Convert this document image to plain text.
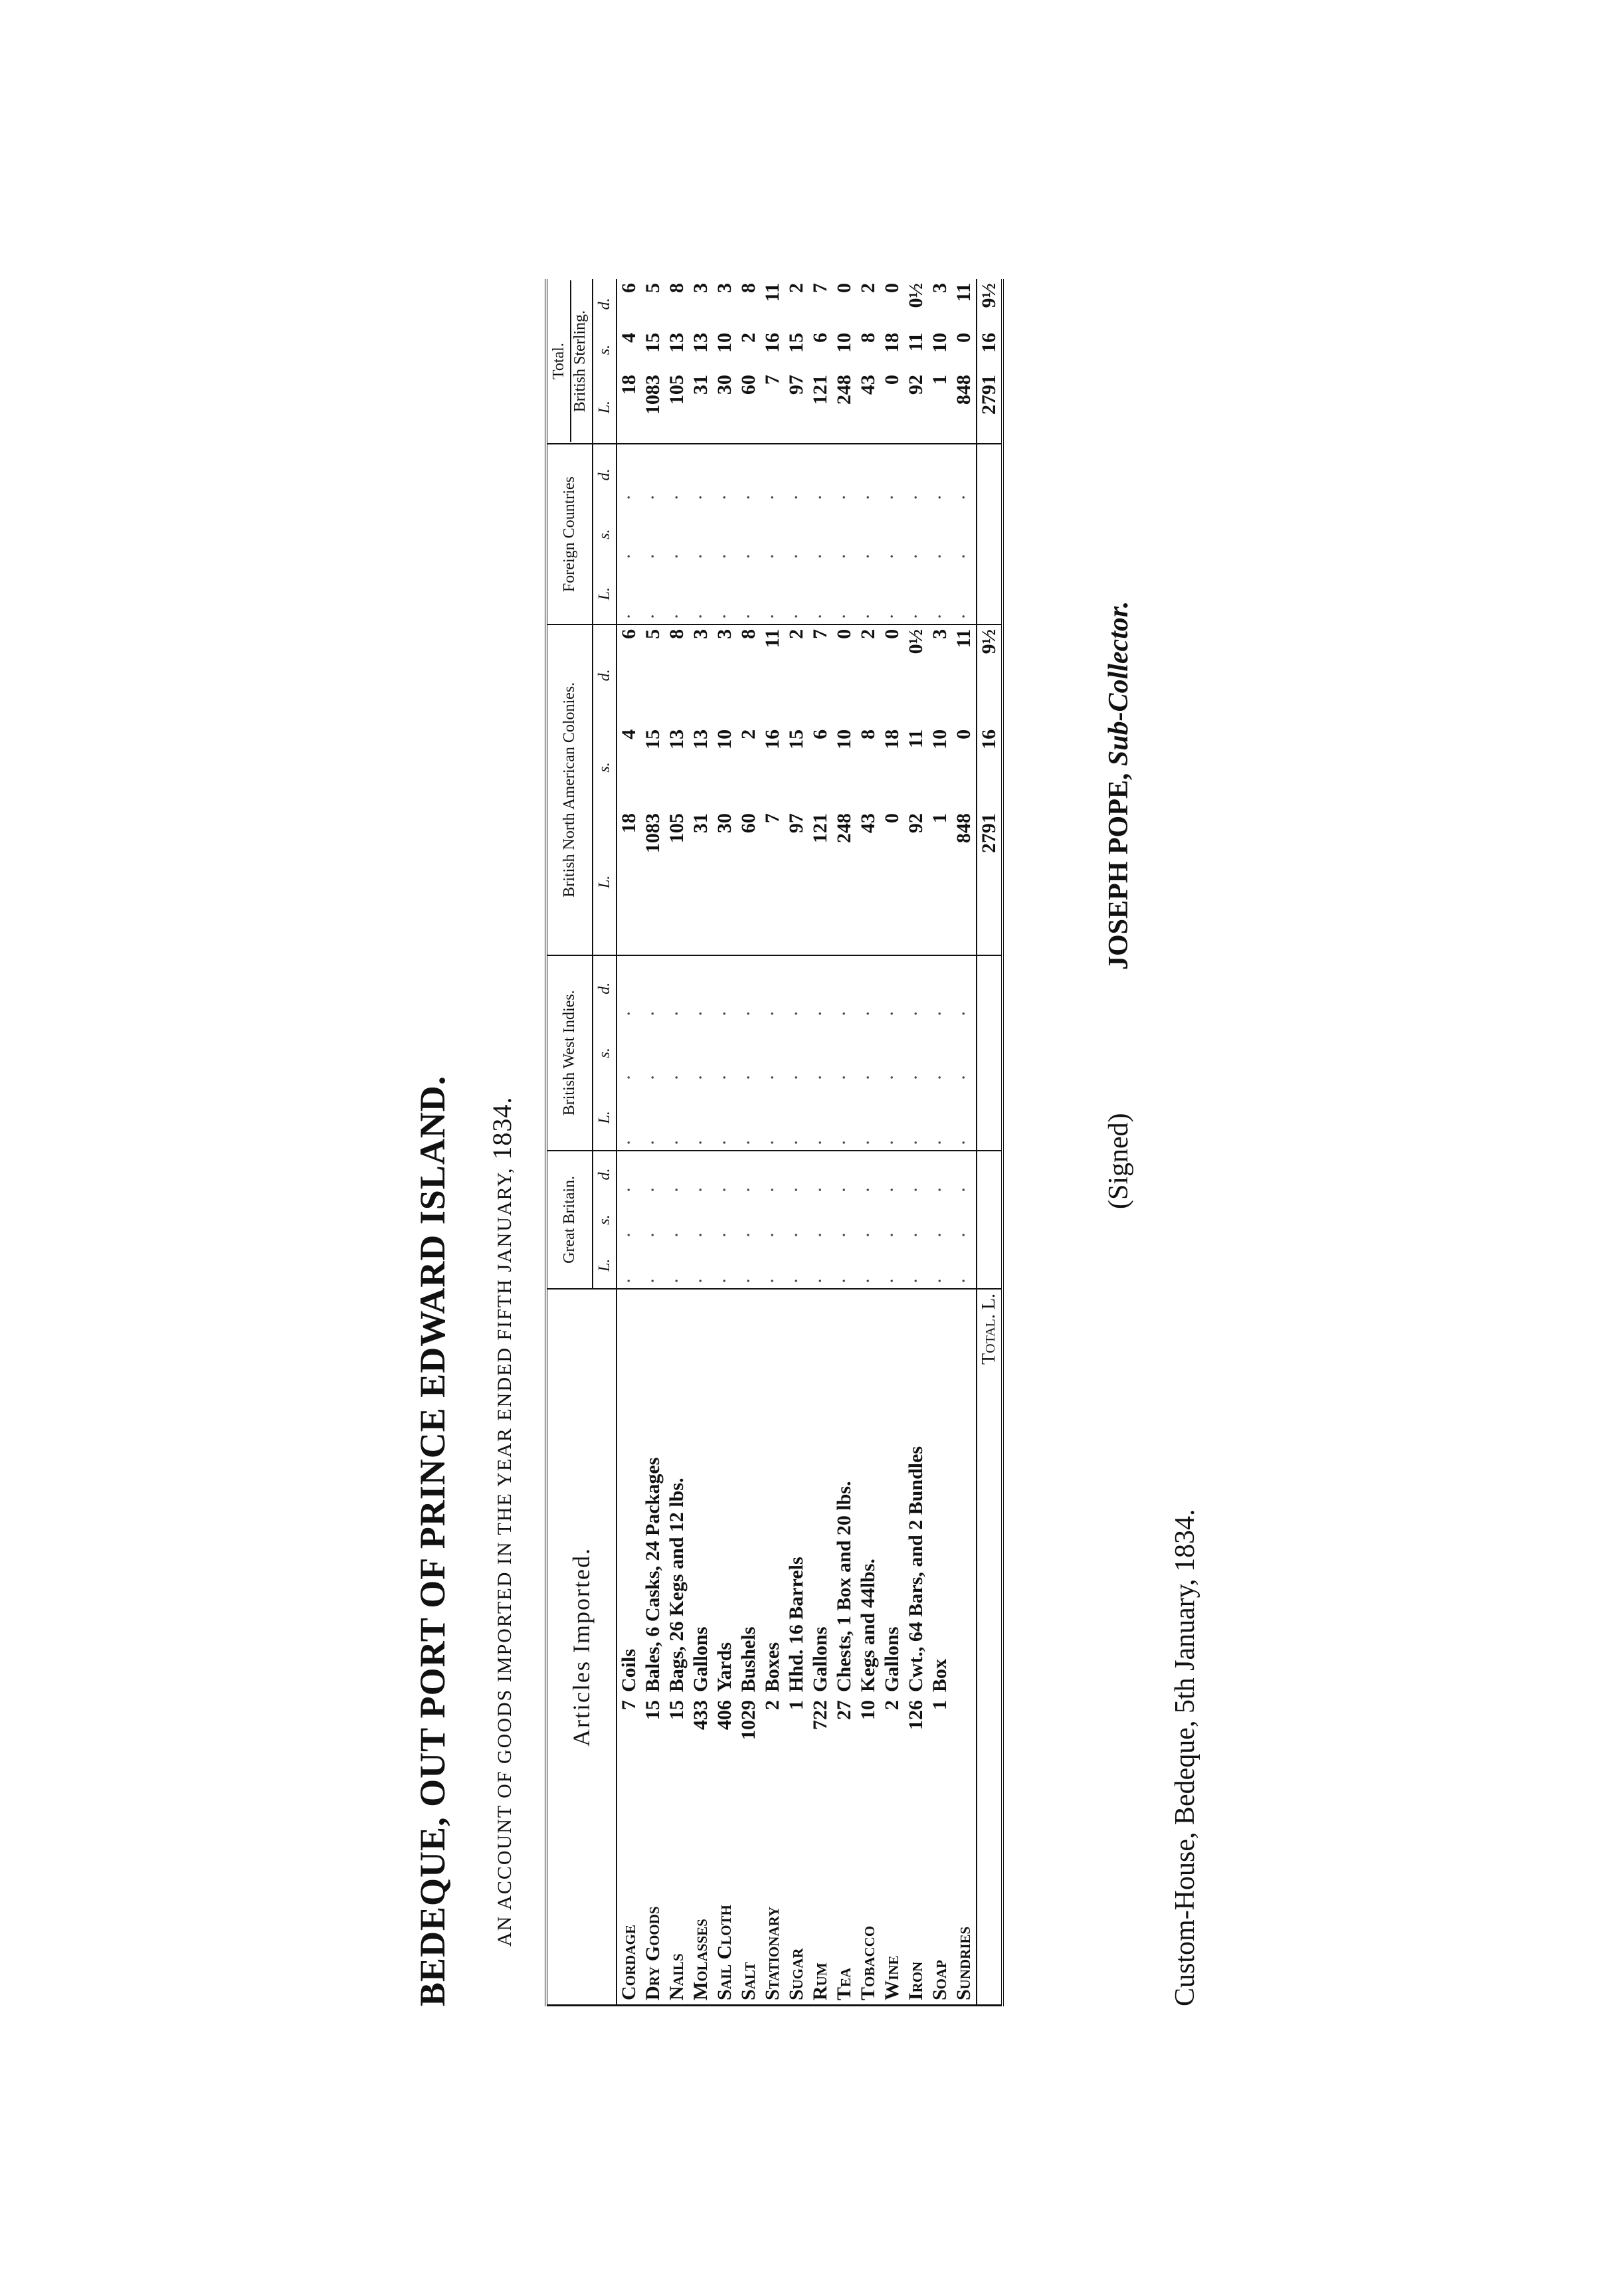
BEDEQUE, OUT PORT OF PRINCE EDWARD ISLAND.	AN ACCOUNT OF GOODS IMPORTED IN THE YEAR ENDED FIFTH JANUARY, 1834.
Articles Imported.			Great Britain.			British West Indies.			British North American Colonies.			Foreign Countries			Total. British Sterling.		

			L.	s.	d.	L.	s.	d.	L.	s.	d.	L.	s.	d.	L.	s.	d.
Cordage	7	Coils	·	·	·	·	·	·	18	4	6	·	·	·	18	4	6
Dry Goods	15	Bales, 6 Casks, 24 Packages	·	·	·	·	·	·	1083	15	5	·	·	·	1083	15	5
Nails	15	Bags, 26 Kegs and 12 lbs.	·	·	·	·	·	·	105	13	8	·	·	·	105	13	8
Molasses	433	Gallons	·	·	·	·	·	·	31	13	3	·	·	·	31	13	3
Sail Cloth	406	Yards	·	·	·	·	·	·	30	10	3	·	·	·	30	10	3
Salt	1029	Bushels	·	·	·	·	·	·	60	2	8	·	·	·	60	2	8
Stationary	2	Boxes	·	·	·	·	·	·	7	16	11	·	·	·	7	16	11
Sugar	1	Hhd. 16 Barrels	·	·	·	·	·	·	97	15	2	·	·	·	97	15	2
Rum	722	Gallons	·	·	·	·	·	·	121	6	7	·	·	·	121	6	7
Tea	27	Chests, 1 Box and 20 lbs.	·	·	·	·	·	·	248	10	0	·	·	·	248	10	0
Tobacco	10	Kegs and 44lbs.	·	·	·	·	·	·	43	8	2	·	·	·	43	8	2
Wine	2	Gallons	·	·	·	·	·	·	0	18	0	·	·	·	0	18	0
Iron	126	Cwt., 64 Bars, and 2 Bundles	·	·	·	·	·	·	92	11	0½	·	·	·	92	11	0½
Soap	1	Box	·	·	·	·	·	·	1	10	3	·	·	·	1	10	3
Sundries			·	·	·	·	·	·	848	0	11	·	·	·	848	0	11
Total. L.									2791	16	9½				2791	16	9½
(Signed)
JOSEPH POPE, Sub-Collector.
Custom-House, Bedeque, 5th January, 1834.
